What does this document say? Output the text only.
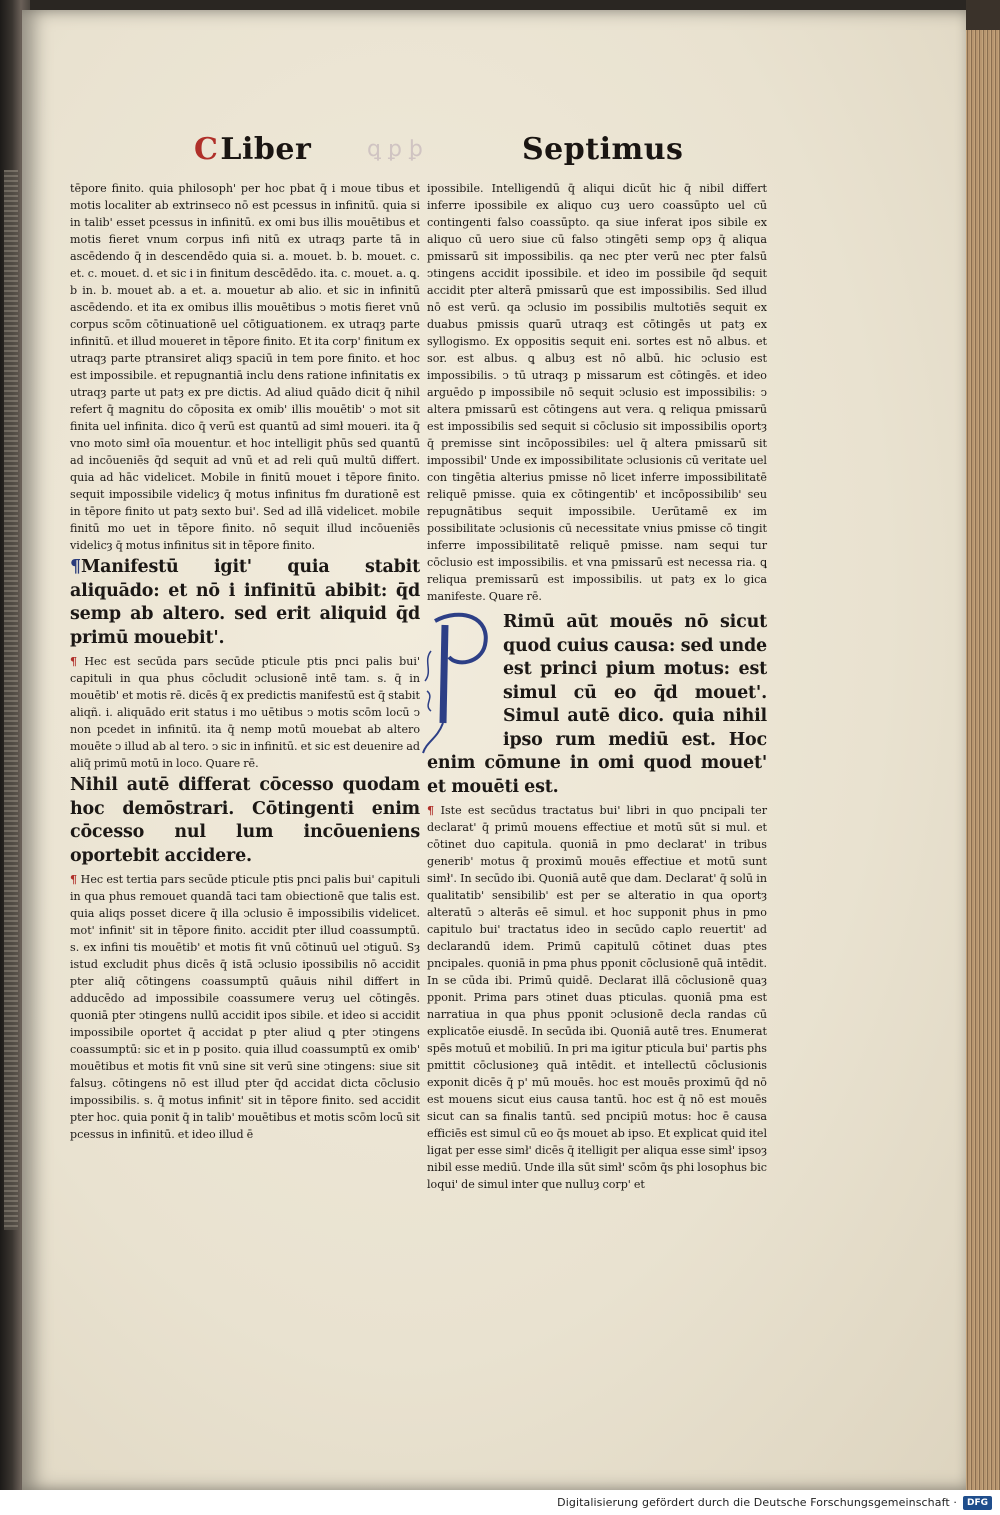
CLiber	ꝗ ꝑ ꝧ	Septimus

tēpore finito. quia philosoph' per hoc pbat q̄ i moue tibus et motis localiter ab extrinseco nō est pcessus in infinitū. quia si in talib' esset pcessus in infinitū. ex omi bus illis mouētibus et motis fieret vnum corpus infi nitū ex utraqȝ parte tā in ascēdendo q̄ in descendēdo quia si. a. mouet. b. b. mouet. c. et. c. mouet. d. et sic i in finitum descēdēdo. ita. c. mouet. a. ꝗ. b in. b. mouet ab. a et. a. mouetur ab alio. et sic in infinitū ascēdendo. et ita ex omibus illis mouētibus ↄ motis fieret vnū corpus scōm cōtinuationē uel cōtiguationem. ex utraqȝ parte infinitū. et illud moueret in tēpore finito. Et ita corp' finitum ex utraqȝ parte ptransiret aliqȝ spaciū in tem pore finito. et hoc est impossibile. et repugnantiā inclu dens ratione infinitatis ex utraqȝ parte ut patȝ ex pre dictis. Ad aliud quādo dicit q̄ nihil refert q̄ magnitu do cōposita ex omib' illis mouētib' ↄ mot sit finita uel infinita. dico q̄ verū est quantū ad simł moueri. ita q̄ vno moto simł oīa mouentur. et hoc intelligit phūs sed quantū ad incōueniēs q̄d sequit ad vnū et ad reli quū multū differt. quia ad hāc videlicet. Mobile in finitū mouet i tēpore finito. sequit impossibile videlicȝ q̄ motus infinitus fm durationē est in tēpore finito ut patȝ sexto bui'. Sed ad illā videlicet. mobile finitū mo uet in tēpore finito. nō sequit illud incōueniēs videlicȝ q̄ motus infinitus sit in tēpore finito.

¶Manifestū igit' quia stabit aliquādo: et nō i infinitū abibit: q̄d semp ab altero. sed erit aliquid q̄d primū mouebit'.

¶ Hec est secūda pars secūde pticule ptis pnci palis bui' capituli in qua phus cōcludit ↄclusionē intē tam. s. q̄ in mouētib' et motis rē. dicēs q̄ ex predictis manifestū est q̄ stabit aliqñ. i. aliquādo erit status i mo uētibus ↄ motis scōm locū ↄ non pcedet in infinitū. ita q̄ nemp motū mouebat ab altero mouēte ↄ illud ab al tero. ↄ sic in infinitū. et sic est deuenire ad aliq̄ primū motū in loco. Quare rē.

Nihil autē differat cōcesso quodam hoc demōstrari. Cōtingenti enim cōcesso nul lum incōueniens oportebit accidere.

¶ Hec est tertia pars secūde pticule ptis pnci palis bui' capituli in qua phus remouet quandā taci tam obiectionē que talis est. quia aliqs posset dicere q̄ illa ↄclusio ē impossibilis videlicet. mot' infinit' sit in tēpore finito. accidit pter illud coassumptū. s. ex infini tis mouētib' et motis fit vnū cōtinuū uel ↄtiguū. Sȝ istud excludit phus dicēs q̄ istā ↄclusio ipossibilis nō accidit pter aliq̄ cōtingens coassumptū quāuis nihil differt in adducēdo ad impossibile coassumere veruȝ uel cōtingēs. quoniā pter ↄtingens nullū accidit ipos sibile. et ideo si accidit impossibile oportet q̄ accidat p pter aliud ꝗ pter ↄtingens coassumptū: sic et in p posito. quia illud coassumptū ex omib' mouētibus et motis fit vnū sine sit verū sine ↄtingens: siue sit falsuȝ. cōtingens nō est illud pter q̄d accidat dicta cōclusio impossibilis. s. q̄ motus infinit' sit in tēpore finito. sed accidit pter hoc. quia ponit q̄ in talib' mouētibus et motis scōm locū sit pcessus in infinitū. et ideo illud ē

ipossibile. Intelligendū q̄ aliqui dicūt hic q̄ nibil differt inferre ipossibile ex aliquo cuȝ uero coassūpto uel cū contingenti falso coassūpto. qa siue inferat ipos sibile ex aliquo cū uero siue cū falso ↄtingēti semp opȝ q̄ aliqua pmissarū sit impossibilis. qa nec pter verū nec pter falsū ↄtingens accidit ipossibile. et ideo im possibile q̄d sequit accidit pter alterā pmissarū que est impossibilis. Sed illud nō est verū. qa ↄclusio im possibilis multotiēs sequit ex duabus pmissis quarū utraqȝ est cōtingēs ut patȝ ex syllogismo. Ex oppositis sequit eni. sortes est nō albus. et sor. est albus. ꝗ albuȝ est nō albū. hic ↄclusio est impossibilis. ↄ tū utraqȝ p missarum est cōtingēs. et ideo arguēdo p impossibile nō sequit ↄclusio est impossibilis: ↄ altera pmissarū est cōtingens aut vera. ꝗ reliqua pmissarū est impossibilis sed sequit si cōclusio sit impossibilis oportȝ q̄ premisse sint incōpossibiles: uel q̄ altera pmissarū sit impossibil' Unde ex impossibilitate ↄclusionis cū veritate uel con tingētia alterius pmisse nō licet inferre impossibilitatē reliquē pmisse. quia ex cōtingentib' et incōpossibilib' seu repugnātibus sequit impossibile. Uerūtamē ex im possibilitate ↄclusionis cū necessitate vnius pmisse cō tingit inferre impossibilitatē reliquē pmisse. nam sequi tur cōclusio est impossibilis. et vna pmissarū est necessa ria. ꝗ reliqua premissarū est impossibilis. ut patȝ ex lo gica manifeste. Quare rē.

Rimū aūt mouēs nō sicut quod cuius causa: sed unde est princi pium motus: est simul cū eo q̄d mouet'. Simul autē dico. quia nihil ipso rum mediū est. Hoc enim cōmune in omi quod mouet' et mouēti est.

¶ Iste est secūdus tractatus bui' libri in quo pncipali ter declarat' q̄ primū mouens effectiue et motū sūt si mul. et cōtinet duo capitula. quoniā in pmo declarat' in tribus generib' motus q̄ proximū mouēs effectiue et motū sunt simł'. In secūdo ibi. Quoniā autē que dam. Declarat' q̄ solū in qualitatib' sensibilib' est per se alteratio in qua oportȝ alteratū ↄ alterās eē simul. et hoc supponit phus in pmo capitulo bui' tractatus ideo in secūdo caplo reuertit' ad declarandū idem. Primū capitulū cōtinet duas ptes pncipales. quoniā in pma phus pponit cōclusionē quā intēdit. In se cūda ibi. Primū quidē. Declarat illā cōclusionē quaȝ pponit. Prima pars ↄtinet duas pticulas. quoniā pma est narratiua in qua phus pponit ↄclusionē decla randas cū explicatōe eiusdē. In secūda ibi. Quoniā autē tres. Enumerat spēs motuū et mobiliū. In pri ma igitur pticula bui' partis phs pmittit cōclusioneȝ quā intēdit. et intellectū cōclusionis exponit dicēs q̄ p' mū mouēs. hoc est mouēs proximū q̄d nō est mouens sicut eius causa tantū. hoc est q̄ nō est mouēs sicut can sa finalis tantū. sed pncipiū motus: hoc ē causa efficiēs est simul cū eo q̄s mouet ab ipso. Et explicat quid itel ligat per esse simł' dicēs q̄ itelligit per aliqua esse simł' ipsoȝ nibil esse mediū. Unde illa sūt simł' scōm q̄s phi losophus bic loqui' de simul inter que nulluȝ corp' et

Digitalisierung gefördert durch die Deutsche Forschungsgemeinschaft ·	DFG
